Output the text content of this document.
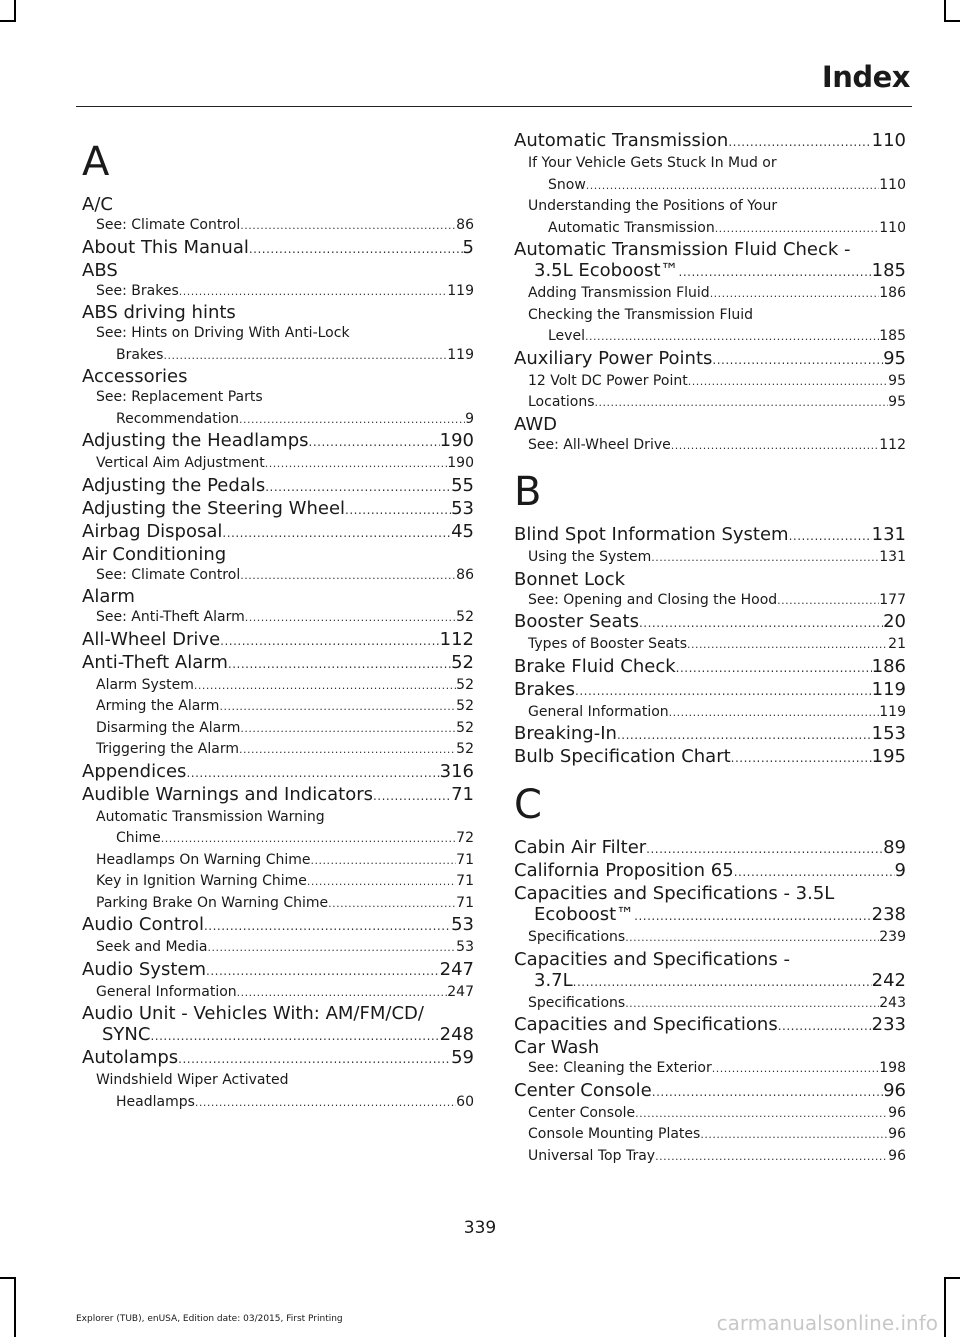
Index
A
A/C
See: Climate Control .....	86
About This Manual .....	5
ABS
See: Brakes .....	119
ABS driving hints
See: Hints on Driving With Anti-Lock
Brakes .....	119
Accessories
See: Replacement Parts
Recommendation .....	9
Adjusting the Headlamps .....	190
Vertical Aim Adjustment .....	190
Adjusting the Pedals .....	55
Adjusting the Steering Wheel .....	53
Airbag Disposal .....	45
Air Conditioning
See: Climate Control .....	86
Alarm
See: Anti-Theft Alarm .....	52
All-Wheel Drive .....	112
Anti-Theft Alarm .....	52
Alarm System .....	52
Arming the Alarm .....	52
Disarming the Alarm .....	52
Triggering the Alarm .....	52
Appendices .....	316
Audible Warnings and Indicators .....	71
Automatic Transmission Warning
Chime .....	72
Headlamps On Warning Chime .....	71
Key in Ignition Warning Chime .....	71
Parking Brake On Warning Chime .....	71
Audio Control .....	53
Seek and Media .....	53
Audio System .....	247
General Information .....	247
Audio Unit - Vehicles With: AM/FM/CD/
SYNC .....	248
Autolamps .....	59
Windshield Wiper Activated
Headlamps .....	60
Automatic Transmission .....	110
If Your Vehicle Gets Stuck In Mud or
Snow .....	110
Understanding the Positions of Your
Automatic Transmission .....	110
Automatic Transmission Fluid Check -
3.5L Ecoboost™ .....	185
Adding Transmission Fluid .....	186
Checking the Transmission Fluid
Level .....	185
Auxiliary Power Points .....	95
12 Volt DC Power Point .....	95
Locations .....	95
AWD
See: All-Wheel Drive .....	112
B
Blind Spot Information System .....	131
Using the System .....	131
Bonnet Lock
See: Opening and Closing the Hood .....	177
Booster Seats .....	20
Types of Booster Seats .....	21
Brake Fluid Check .....	186
Brakes .....	119
General Information .....	119
Breaking-In .....	153
Bulb Specification Chart .....	195
C
Cabin Air Filter .....	89
California Proposition 65 .....	9
Capacities and Specifications - 3.5L
Ecoboost™ .....	238
Specifications .....	239
Capacities and Specifications -
3.7L .....	242
Specifications .....	243
Capacities and Specifications .....	233
Car Wash
See: Cleaning the Exterior .....	198
Center Console .....	96
Center Console .....	96
Console Mounting Plates .....	96
Universal Top Tray .....	96
339
Explorer (TUB), enUSA, Edition date: 03/2015, First Printing	carmanualsonline.info
